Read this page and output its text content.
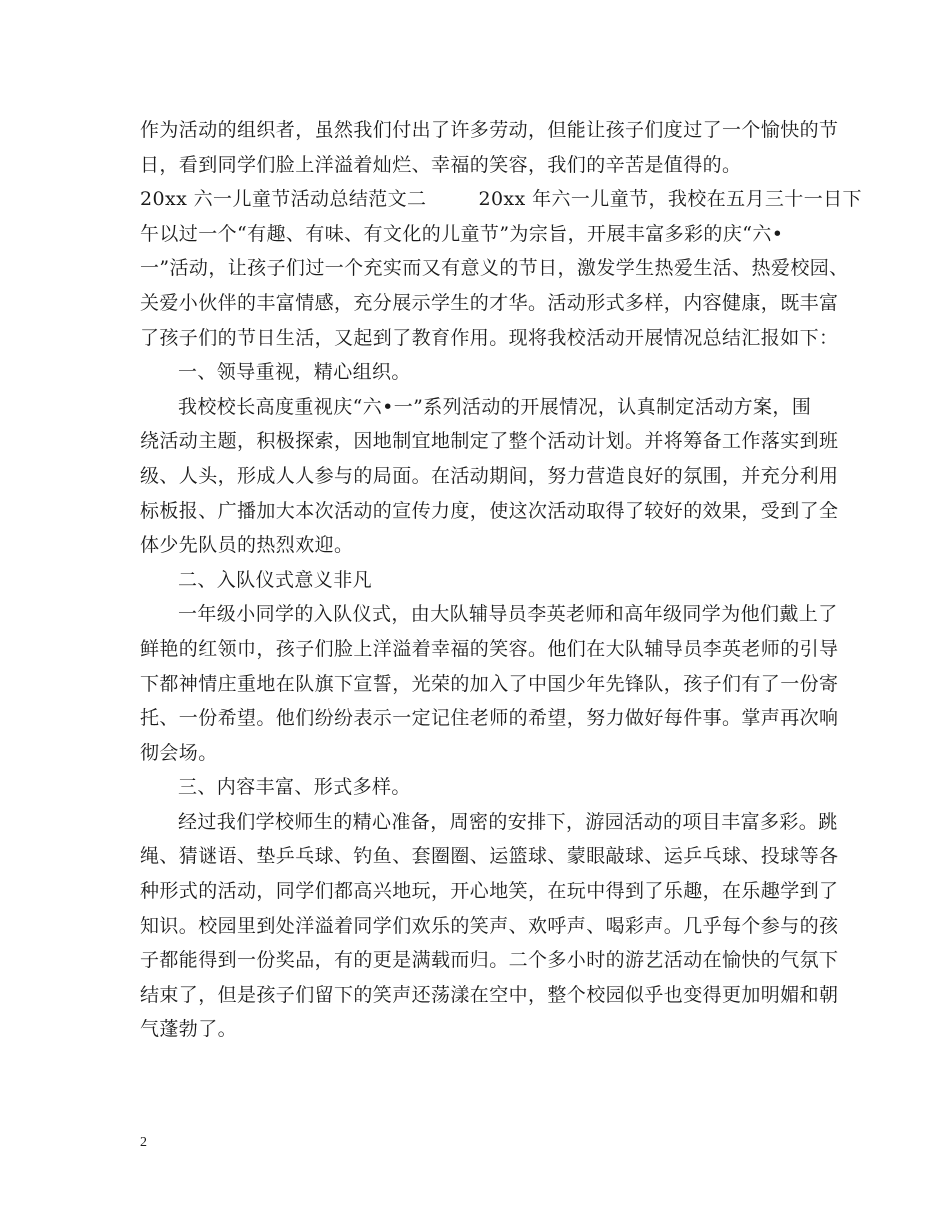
作为活动的组织者，虽然我们付出了许多劳动，但能让孩子们度过了一个愉快的节
日，看到同学们脸上洋溢着灿烂、幸福的笑容，我们的辛苦是值得的。
20xx 六一儿童节活动总结范文二	20xx 年六一儿童节，我校在五月三十一日下
午以过一个“有趣、有味、有文化的儿童节”为宗旨，开展丰富多彩的庆“六•
一”活动，让孩子们过一个充实而又有意义的节日，激发学生热爱生活、热爱校园、
关爱小伙伴的丰富情感，充分展示学生的才华。活动形式多样，内容健康，既丰富
了孩子们的节日生活，又起到了教育作用。现将我校活动开展情况总结汇报如下：
一、领导重视，精心组织。
我校校长高度重视庆“六•一”系列活动的开展情况，认真制定活动方案，围
绕活动主题，积极探索，因地制宜地制定了整个活动计划。并将筹备工作落实到班
级、人头，形成人人参与的局面。在活动期间，努力营造良好的氛围，并充分利用
标板报、广播加大本次活动的宣传力度，使这次活动取得了较好的效果，受到了全
体少先队员的热烈欢迎。
二、入队仪式意义非凡
一年级小同学的入队仪式，由大队辅导员李英老师和高年级同学为他们戴上了
鲜艳的红领巾，孩子们脸上洋溢着幸福的笑容。他们在大队辅导员李英老师的引导
下都神情庄重地在队旗下宣誓，光荣的加入了中国少年先锋队，孩子们有了一份寄
托、一份希望。他们纷纷表示一定记住老师的希望，努力做好每件事。掌声再次响
彻会场。
三、内容丰富、形式多样。
经过我们学校师生的精心准备，周密的安排下，游园活动的项目丰富多彩。跳
绳、猜谜语、垫乒乓球、钓鱼、套圈圈、运篮球、蒙眼敲球、运乒乓球、投球等各
种形式的活动，同学们都高兴地玩，开心地笑，在玩中得到了乐趣，在乐趣学到了
知识。校园里到处洋溢着同学们欢乐的笑声、欢呼声、喝彩声。几乎每个参与的孩
子都能得到一份奖品，有的更是满载而归。二个多小时的游艺活动在愉快的气氛下
结束了，但是孩子们留下的笑声还荡漾在空中，整个校园似乎也变得更加明媚和朝
气蓬勃了。
2
